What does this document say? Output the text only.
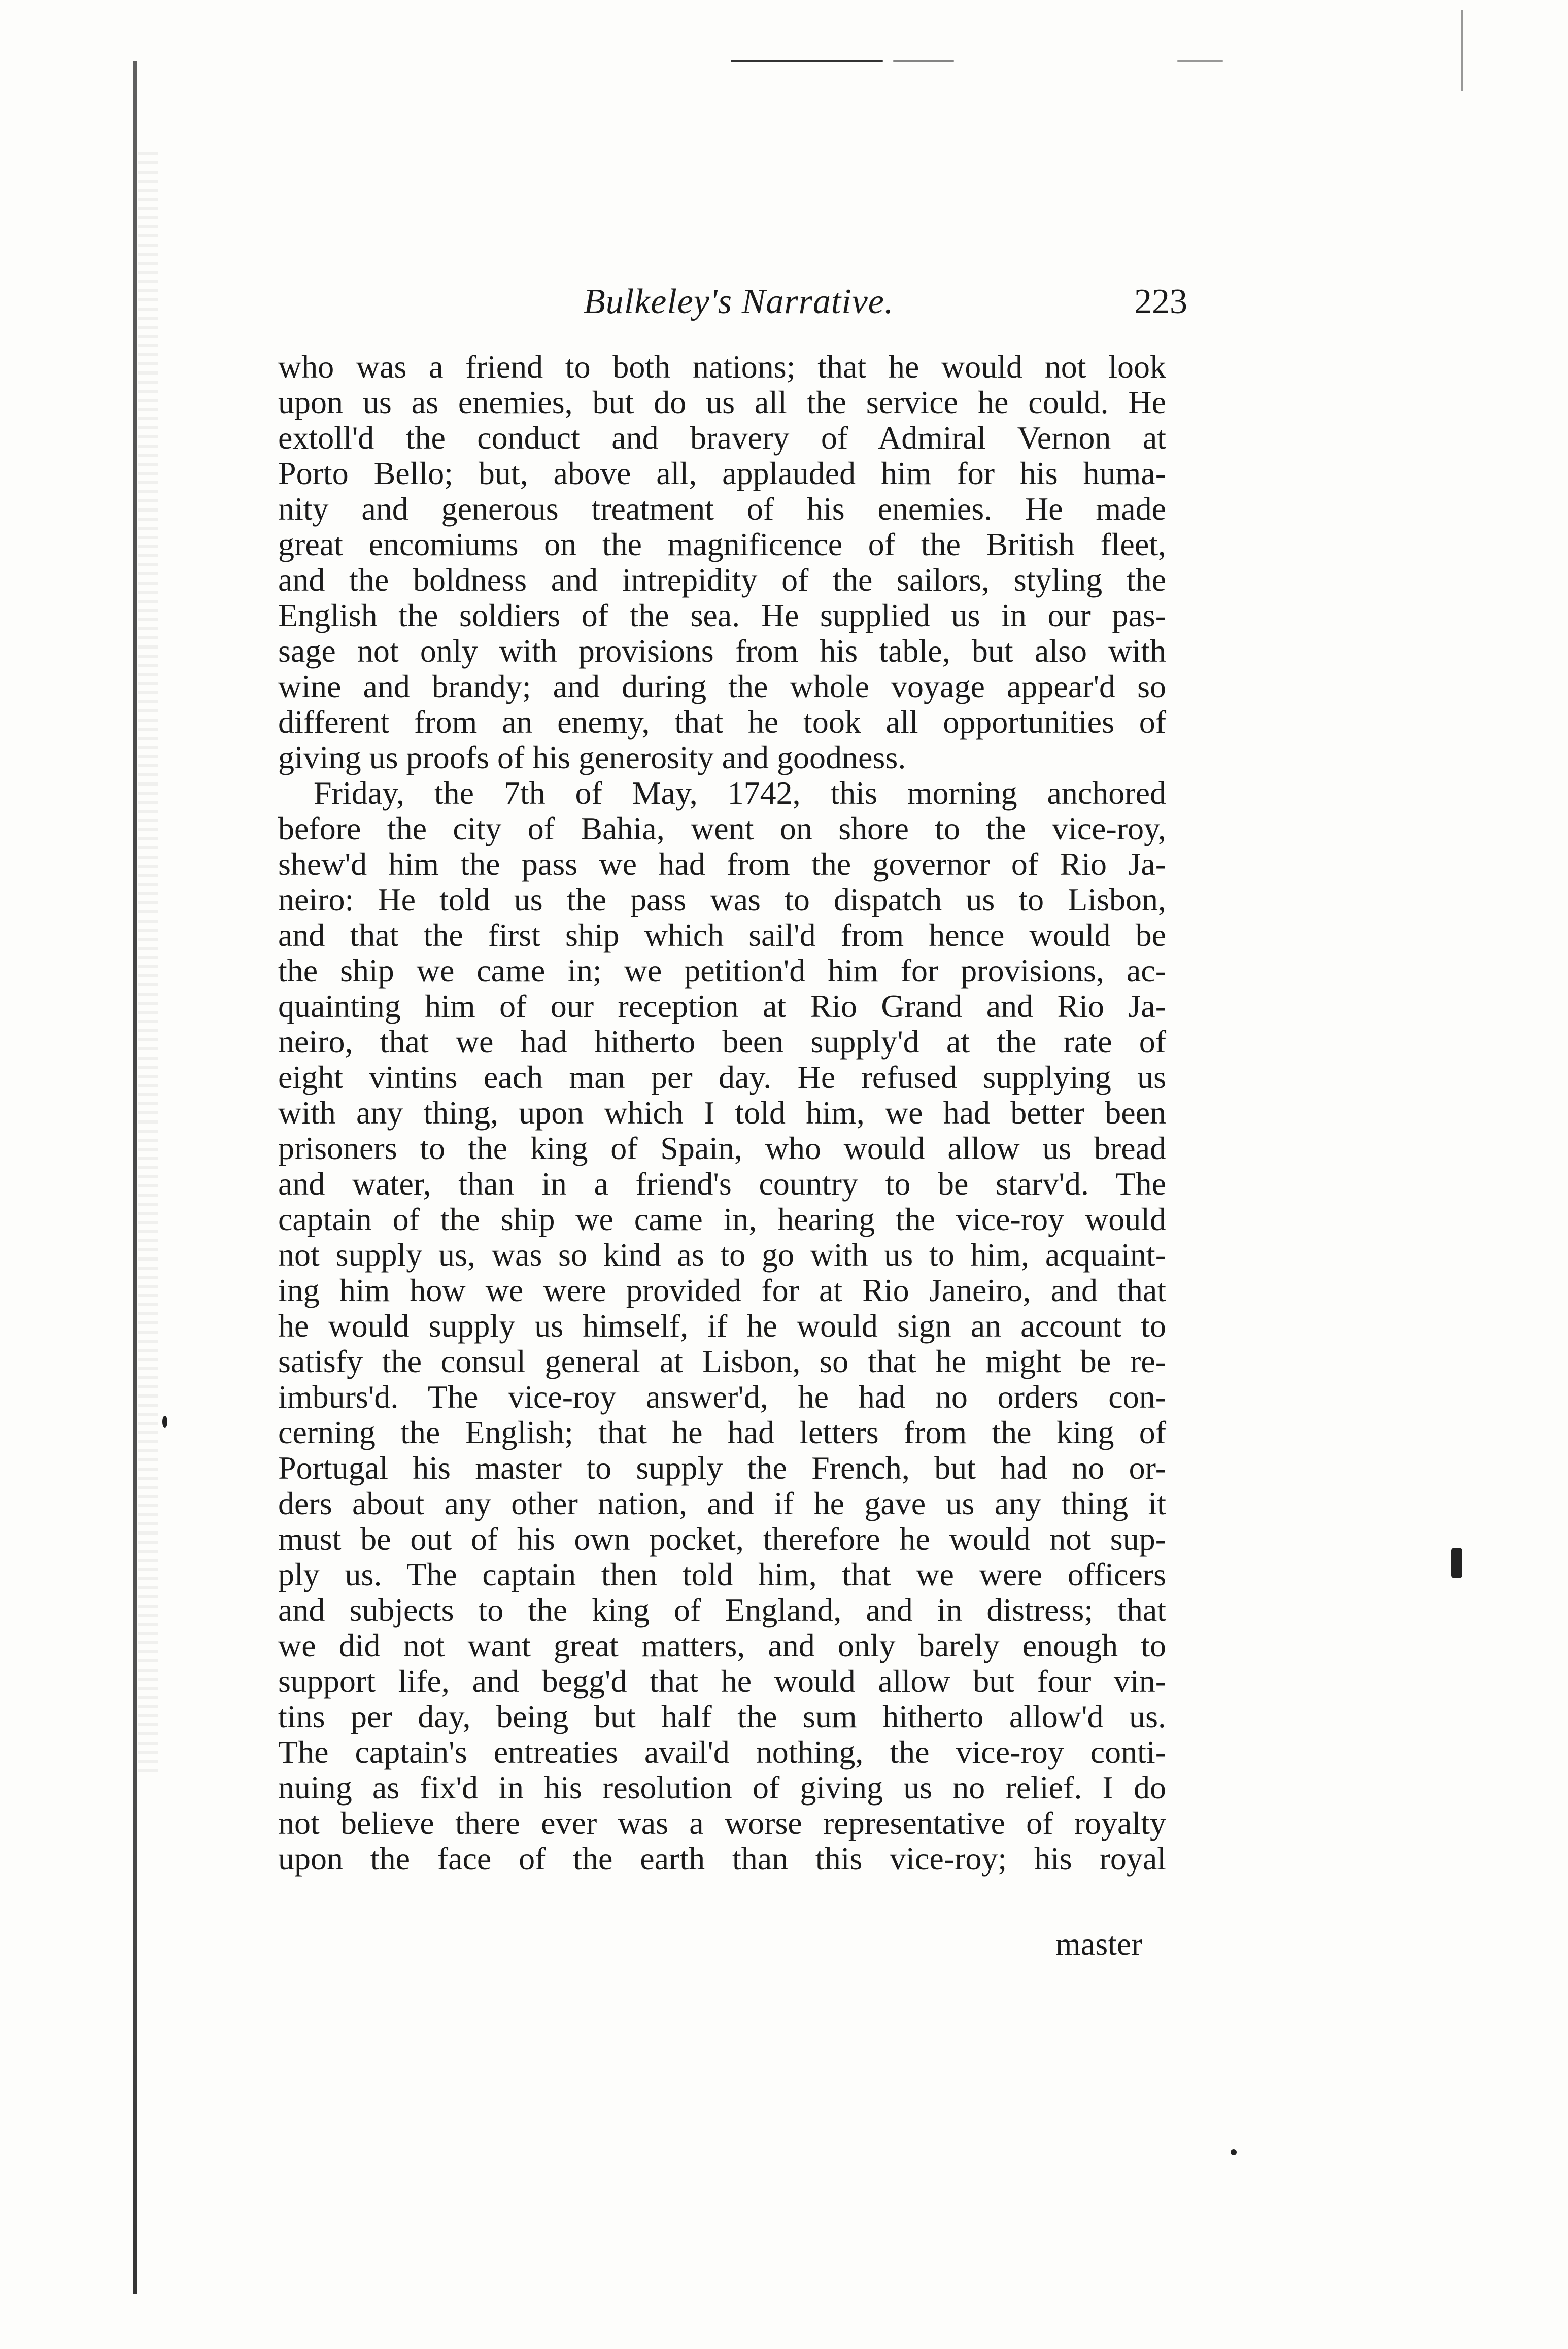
Bulkeley's Narrative.	223
who was a friend to both nations; that he would not look
upon us as enemies, but do us all the service he could. He
extoll'd the conduct and bravery of Admiral Vernon at
Porto Bello; but, above all, applauded him for his huma-
nity and generous treatment of his enemies. He made
great encomiums on the magnificence of the British fleet,
and the boldness and intrepidity of the sailors, styling the
English the soldiers of the sea. He supplied us in our pas-
sage not only with provisions from his table, but also with
wine and brandy; and during the whole voyage appear'd so
different from an enemy, that he took all opportunities of
giving us proofs of his generosity and goodness.
Friday, the 7th of May, 1742, this morning anchored
before the city of Bahia, went on shore to the vice-roy,
shew'd him the pass we had from the governor of Rio Ja-
neiro: He told us the pass was to dispatch us to Lisbon,
and that the first ship which sail'd from hence would be
the ship we came in; we petition'd him for provisions, ac-
quainting him of our reception at Rio Grand and Rio Ja-
neiro, that we had hitherto been supply'd at the rate of
eight vintins each man per day. He refused supplying us
with any thing, upon which I told him, we had better been
prisoners to the king of Spain, who would allow us bread
and water, than in a friend's country to be starv'd. The
captain of the ship we came in, hearing the vice-roy would
not supply us, was so kind as to go with us to him, acquaint-
ing him how we were provided for at Rio Janeiro, and that
he would supply us himself, if he would sign an account to
satisfy the consul general at Lisbon, so that he might be re-
imburs'd. The vice-roy answer'd, he had no orders con-
cerning the English; that he had letters from the king of
Portugal his master to supply the French, but had no or-
ders about any other nation, and if he gave us any thing it
must be out of his own pocket, therefore he would not sup-
ply us. The captain then told him, that we were officers
and subjects to the king of England, and in distress; that
we did not want great matters, and only barely enough to
support life, and begg'd that he would allow but four vin-
tins per day, being but half the sum hitherto allow'd us.
The captain's entreaties avail'd nothing, the vice-roy conti-
nuing as fix'd in his resolution of giving us no relief. I do
not believe there ever was a worse representative of royalty
upon the face of the earth than this vice-roy; his royal
master
